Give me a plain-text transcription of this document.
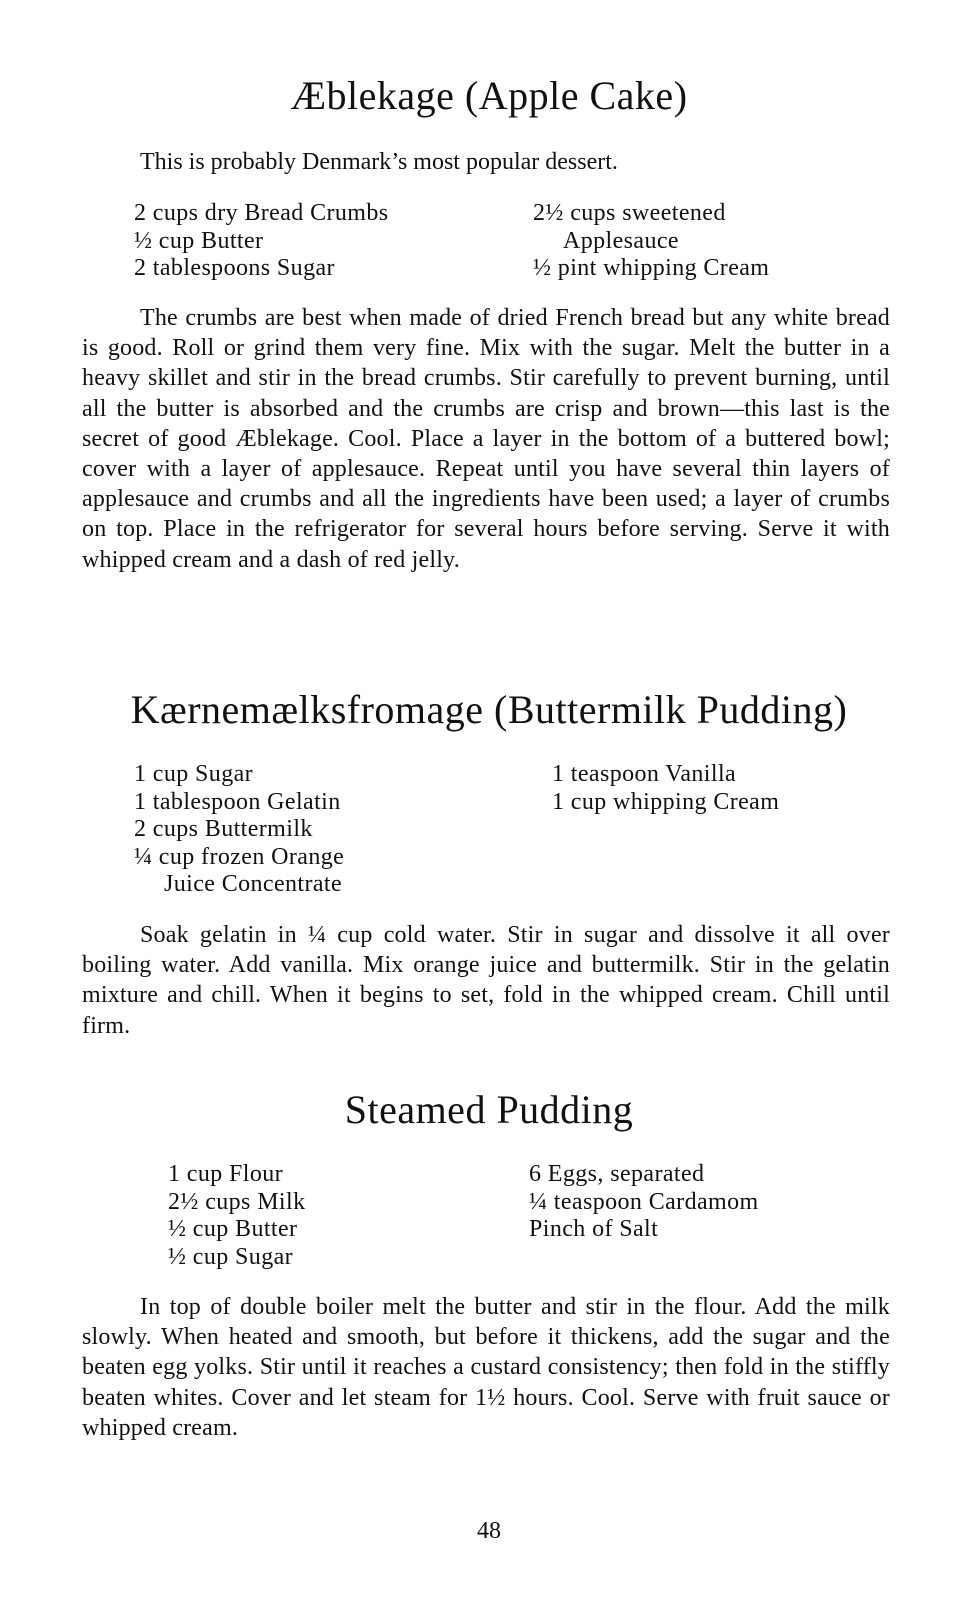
Æblekage (Apple Cake)
This is probably Denmark’s most popular dessert.
2 cups dry Bread Crumbs
½ cup Butter
2 tablespoons Sugar
2½ cups sweetened
Applesauce
½ pint whipping Cream

The crumbs are best when made of dried French bread but any white bread is good. Roll or grind them very fine. Mix with the sugar. Melt the butter in a heavy skillet and stir in the bread crumbs. Stir carefully to prevent burning, until all the butter is absorbed and the crumbs are crisp and brown—this last is the secret of good Æblekage. Cool. Place a layer in the bottom of a buttered bowl; cover with a layer of applesauce. Repeat until you have several thin layers of applesauce and crumbs and all the ingredients have been used; a layer of crumbs on top. Place in the refrigerator for several hours before serving. Serve it with whipped cream and a dash of red jelly.

Kærnemælksfromage (Buttermilk Pudding)
1 cup Sugar
1 tablespoon Gelatin
2 cups Buttermilk
¼ cup frozen Orange
Juice Concentrate
1 teaspoon Vanilla
1 cup whipping Cream

Soak gelatin in ¼ cup cold water. Stir in sugar and dissolve it all over boiling water. Add vanilla. Mix orange juice and buttermilk. Stir in the gelatin mixture and chill. When it begins to set, fold in the whipped cream. Chill until firm.

Steamed Pudding
1 cup Flour
2½ cups Milk
½ cup Butter
½ cup Sugar
6 Eggs, separated
¼ teaspoon Cardamom
Pinch of Salt

In top of double boiler melt the butter and stir in the flour. Add the milk slowly. When heated and smooth, but before it thickens, add the sugar and the beaten egg yolks. Stir until it reaches a custard consistency; then fold in the stiffly beaten whites. Cover and let steam for 1½ hours. Cool. Serve with fruit sauce or whipped cream.

48
